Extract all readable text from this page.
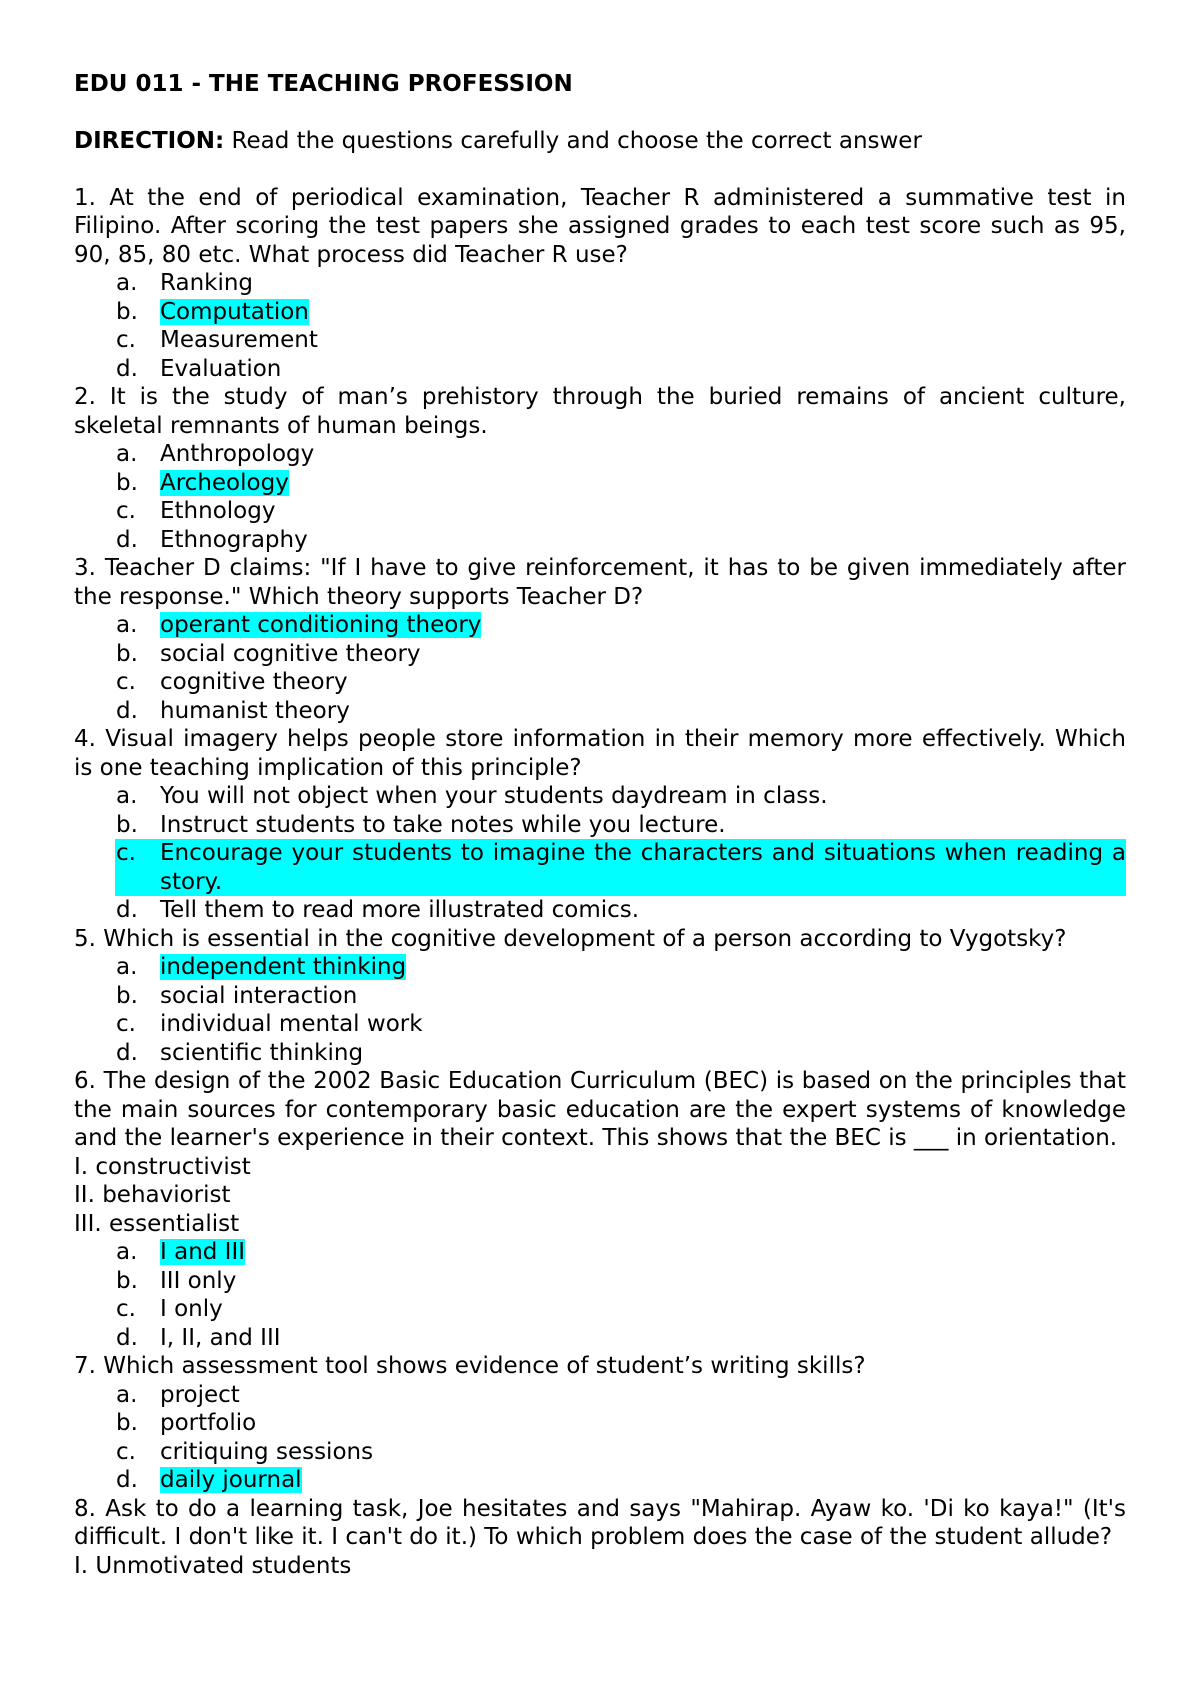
EDU 011 - THE TEACHING PROFESSION

DIRECTION: Read the questions carefully and choose the correct answer

1. At the end of periodical examination, Teacher R administered a summative test in Filipino. After scoring the test papers she assigned grades to each test score such as 95, 90, 85, 80 etc. What process did Teacher R use?

a. Ranking

b. Computation

c. Measurement

d. Evaluation

2. It is the study of man’s prehistory through the buried remains of ancient culture, skeletal remnants of human beings.

a. Anthropology

b. Archeology

c. Ethnology

d. Ethnography

3. Teacher D claims: "If I have to give reinforcement, it has to be given immediately after the response." Which theory supports Teacher D?

a. operant conditioning theory

b. social cognitive theory

c. cognitive theory

d. humanist theory

4. Visual imagery helps people store information in their memory more effectively. Which is one teaching implication of this principle?

a. You will not object when your students daydream in class.

b. Instruct students to take notes while you lecture.

c. Encourage your students to imagine the characters and situations when reading a story.

d. Tell them to read more illustrated comics.

5. Which is essential in the cognitive development of a person according to Vygotsky?

a. independent thinking

b. social interaction

c. individual mental work

d. scientific thinking

6. The design of the 2002 Basic Education Curriculum (BEC) is based on the principles that the main sources for contemporary basic education are the expert systems of knowledge and the learner's experience in their context. This shows that the BEC is ___ in orientation.

I. constructivist

II. behaviorist

III. essentialist

a. I and III

b. III only

c. I only

d. I, II, and III

7. Which assessment tool shows evidence of student’s writing skills?

a. project

b. portfolio

c. critiquing sessions

d. daily journal

8. Ask to do a learning task, Joe hesitates and says "Mahirap. Ayaw ko. 'Di ko kaya!" (It's difficult. I don't like it. I can't do it.) To which problem does the case of the student allude?

I. Unmotivated students
